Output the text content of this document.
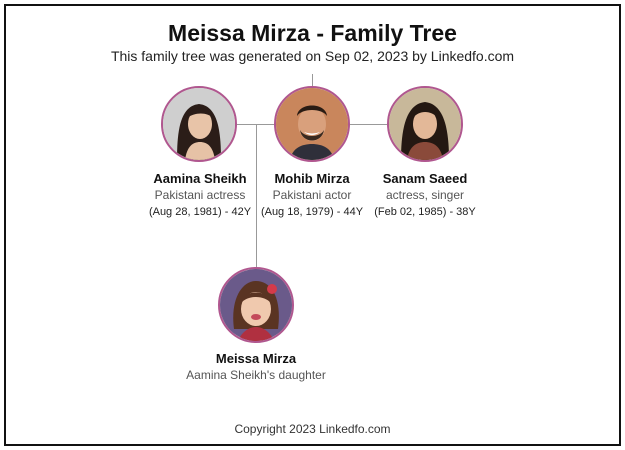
Meissa Mirza - Family Tree
This family tree was generated on Sep 02, 2023 by Linkedfo.com
Aamina Sheikh
Pakistani actress
(Aug 28, 1981) - 42Y
Mohib Mirza
Pakistani actor
(Aug 18, 1979) - 44Y
Sanam Saeed
actress, singer
(Feb 02, 1985) - 38Y
Meissa Mirza
Aamina Sheikh's daughter
Copyright 2023 Linkedfo.com
